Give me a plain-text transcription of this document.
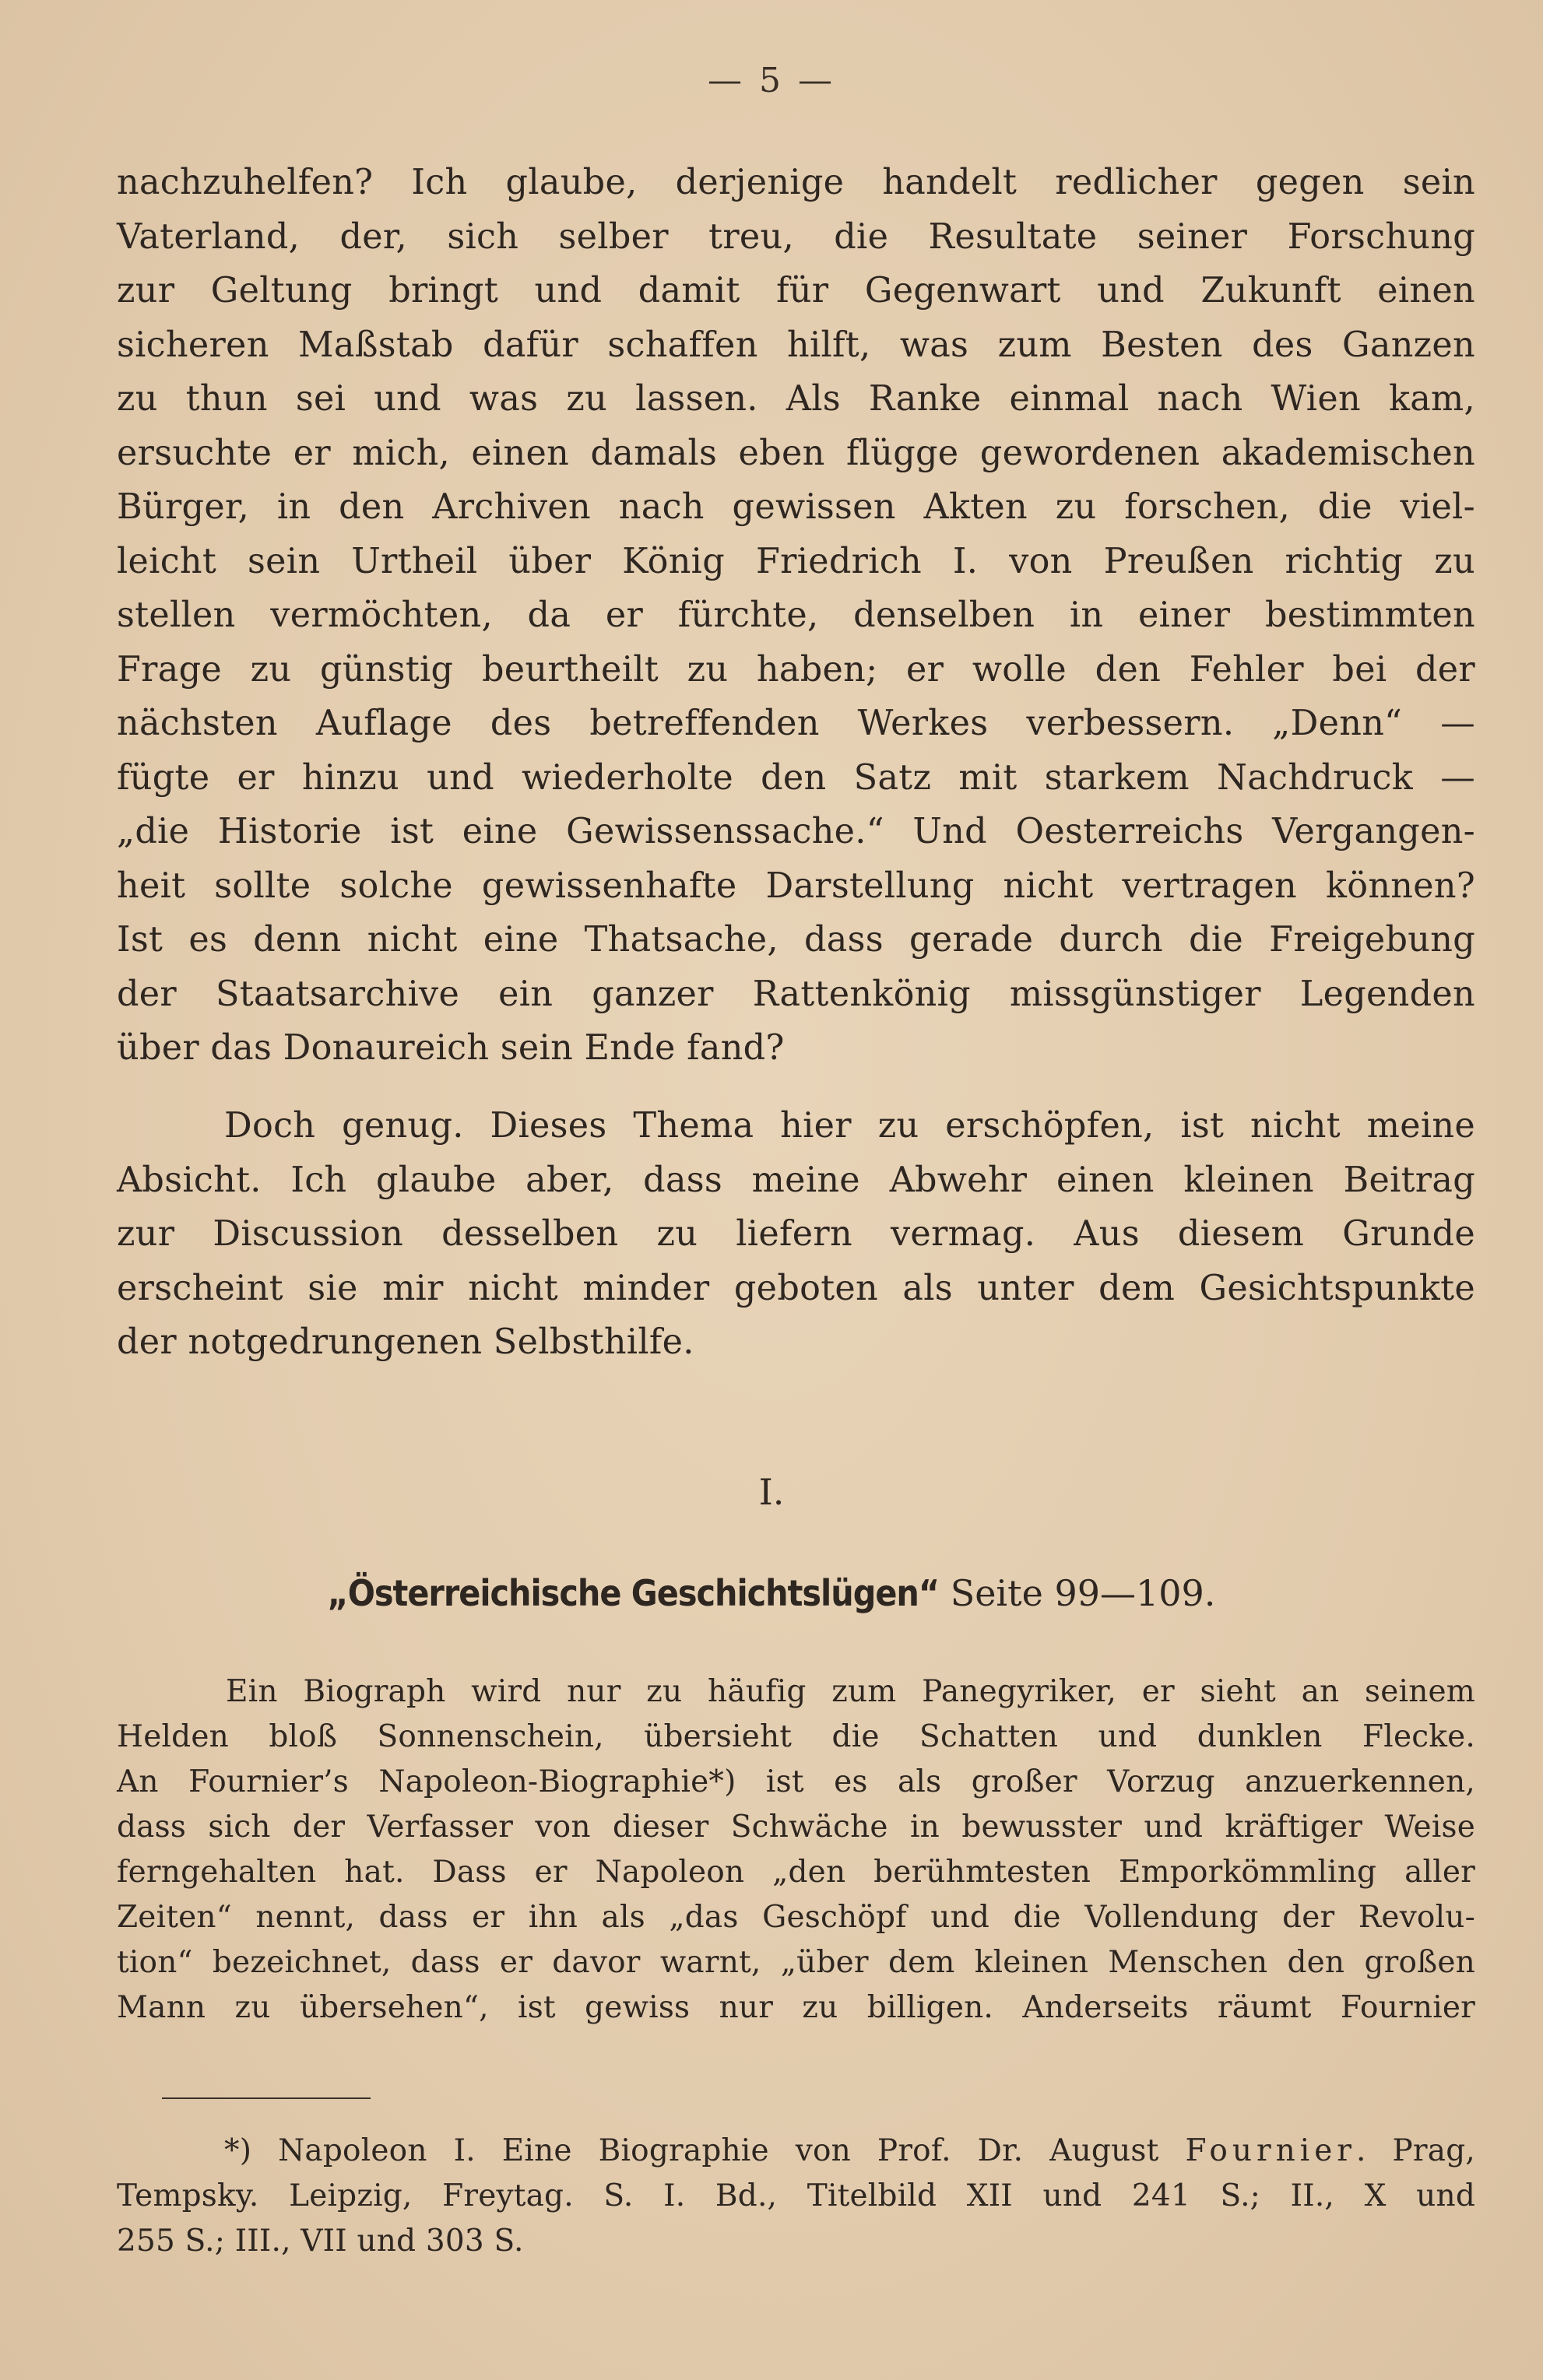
— 5 —
nachzuhelfen? Ich glaube, derjenige handelt redlicher gegen sein
Vaterland, der, sich selber treu, die Resultate seiner Forschung
zur Geltung bringt und damit für Gegenwart und Zukunft einen
sicheren Maßstab dafür schaffen hilft, was zum Besten des Ganzen
zu thun sei und was zu lassen. Als Ranke einmal nach Wien kam,
ersuchte er mich, einen damals eben flügge gewordenen akademischen
Bürger, in den Archiven nach gewissen Akten zu forschen, die viel-
leicht sein Urtheil über König Friedrich I. von Preußen richtig zu
stellen vermöchten, da er fürchte, denselben in einer bestimmten
Frage zu günstig beurtheilt zu haben; er wolle den Fehler bei der
nächsten Auflage des betreffenden Werkes verbessern. „Denn“ —
fügte er hinzu und wiederholte den Satz mit starkem Nachdruck —
„die Historie ist eine Gewissenssache.“ Und Oesterreichs Vergangen-
heit sollte solche gewissenhafte Darstellung nicht vertragen können?
Ist es denn nicht eine Thatsache, dass gerade durch die Freigebung
der Staatsarchive ein ganzer Rattenkönig missgünstiger Legenden
über das Donaureich sein Ende fand?
Doch genug. Dieses Thema hier zu erschöpfen, ist nicht meine
Absicht. Ich glaube aber, dass meine Abwehr einen kleinen Beitrag
zur Discussion desselben zu liefern vermag. Aus diesem Grunde
erscheint sie mir nicht minder geboten als unter dem Gesichtspunkte
der notgedrungenen Selbsthilfe.
I.
„Österreichische Geschichtslügen“ Seite 99—109.
Ein Biograph wird nur zu häufig zum Panegyriker, er sieht an seinem
Helden bloß Sonnenschein, übersieht die Schatten und dunklen Flecke.
An Fournier’s Napoleon-Biographie*) ist es als großer Vorzug anzuerkennen,
dass sich der Verfasser von dieser Schwäche in bewusster und kräftiger Weise
ferngehalten hat. Dass er Napoleon „den berühmtesten Emporkömmling aller
Zeiten“ nennt, dass er ihn als „das Geschöpf und die Vollendung der Revolu-
tion“ bezeichnet, dass er davor warnt, „über dem kleinen Menschen den großen
Mann zu übersehen“, ist gewiss nur zu billigen. Anderseits räumt Fournier
*) Napoleon I. Eine Biographie von Prof. Dr. August Fournier. Prag,
Tempsky. Leipzig, Freytag. S. I. Bd., Titelbild XII und 241 S.; II., X und
255 S.; III., VII und 303 S.
